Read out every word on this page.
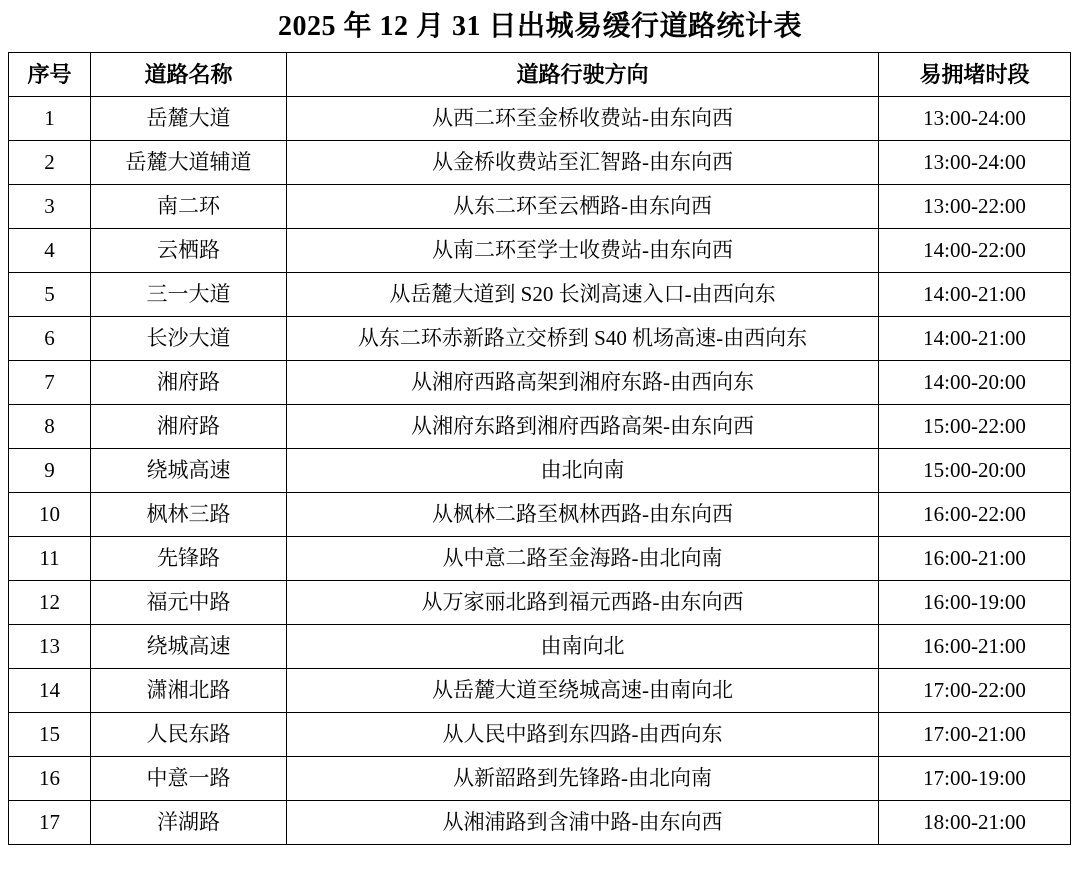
2025 年 12 月 31 日出城易缓行道路统计表
序号	道路名称	道路行驶方向	易拥堵时段
1	岳麓大道	从西二环至金桥收费站-由东向西	13:00-24:00
2	岳麓大道辅道	从金桥收费站至汇智路-由东向西	13:00-24:00
3	南二环	从东二环至云栖路-由东向西	13:00-22:00
4	云栖路	从南二环至学士收费站-由东向西	14:00-22:00
5	三一大道	从岳麓大道到 S20 长浏高速入口-由西向东	14:00-21:00
6	长沙大道	从东二环赤新路立交桥到 S40 机场高速-由西向东	14:00-21:00
7	湘府路	从湘府西路高架到湘府东路-由西向东	14:00-20:00
8	湘府路	从湘府东路到湘府西路高架-由东向西	15:00-22:00
9	绕城高速	由北向南	15:00-20:00
10	枫林三路	从枫林二路至枫林西路-由东向西	16:00-22:00
11	先锋路	从中意二路至金海路-由北向南	16:00-21:00
12	福元中路	从万家丽北路到福元西路-由东向西	16:00-19:00
13	绕城高速	由南向北	16:00-21:00
14	潇湘北路	从岳麓大道至绕城高速-由南向北	17:00-22:00
15	人民东路	从人民中路到东四路-由西向东	17:00-21:00
16	中意一路	从新韶路到先锋路-由北向南	17:00-19:00
17	洋湖路	从湘浦路到含浦中路-由东向西	18:00-21:00
